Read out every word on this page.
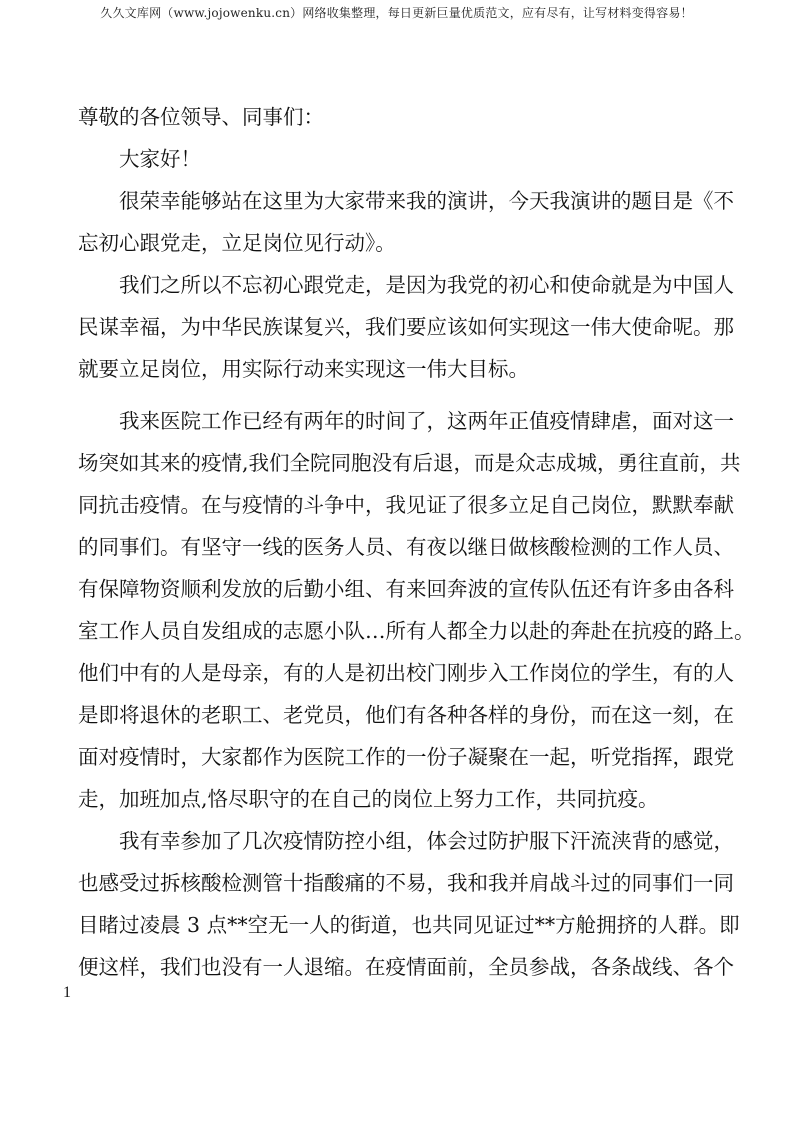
久久文库网（www.jojowenku.cn）网络收集整理，每日更新巨量优质范文，应有尽有，让写材料变得容易！
尊敬的各位领导、同事们：
大家好！
很荣幸能够站在这里为大家带来我的演讲，今天我演讲的题目是《不
忘初心跟党走，立足岗位见行动》。
我们之所以不忘初心跟党走，是因为我党的初心和使命就是为中国人
民谋幸福，为中华民族谋复兴，我们要应该如何实现这一伟大使命呢。那
就要立足岗位，用实际行动来实现这一伟大目标。
我来医院工作已经有两年的时间了，这两年正值疫情肆虐，面对这一
场突如其来的疫情,我们全院同胞没有后退，而是众志成城，勇往直前，共
同抗击疫情。在与疫情的斗争中，我见证了很多立足自己岗位，默默奉献
的同事们。有坚守一线的医务人员、有夜以继日做核酸检测的工作人员、
有保障物资顺利发放的后勤小组、有来回奔波的宣传队伍还有许多由各科
室工作人员自发组成的志愿小队…所有人都全力以赴的奔赴在抗疫的路上。
他们中有的人是母亲，有的人是初出校门刚步入工作岗位的学生，有的人
是即将退休的老职工、老党员，他们有各种各样的身份，而在这一刻，在
面对疫情时，大家都作为医院工作的一份子凝聚在一起，听党指挥，跟党
走，加班加点,恪尽职守的在自己的岗位上努力工作，共同抗疫。
我有幸参加了几次疫情防控小组，体会过防护服下汗流浃背的感觉，
也感受过拆核酸检测管十指酸痛的不易，我和我并肩战斗过的同事们一同
目睹过凌晨 3 点**空无一人的街道，也共同见证过**方舱拥挤的人群。即
便这样，我们也没有一人退缩。在疫情面前，全员参战，各条战线、各个
1
